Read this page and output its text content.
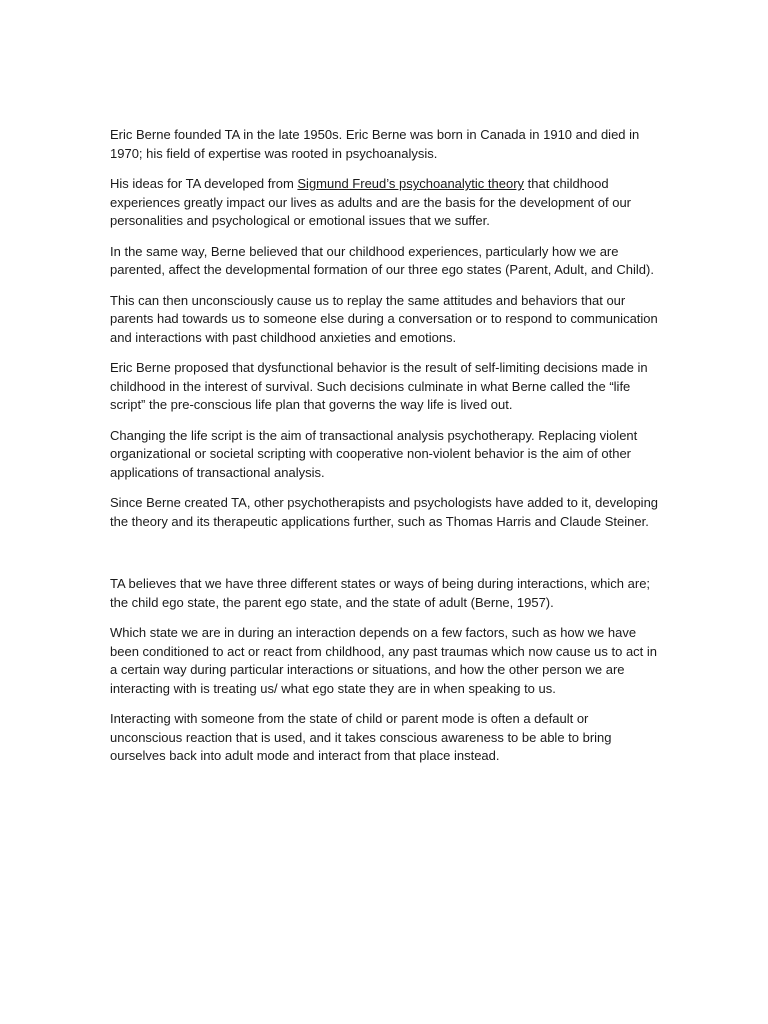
Eric Berne founded TA in the late 1950s. Eric Berne was born in Canada in 1910 and died in 1970; his field of expertise was rooted in psychoanalysis.

His ideas for TA developed from Sigmund Freud’s psychoanalytic theory that childhood experiences greatly impact our lives as adults and are the basis for the development of our personalities and psychological or emotional issues that we suffer.

In the same way, Berne believed that our childhood experiences, particularly how we are parented, affect the developmental formation of our three ego states (Parent, Adult, and Child).

This can then unconsciously cause us to replay the same attitudes and behaviors that our parents had towards us to someone else during a conversation or to respond to communication and interactions with past childhood anxieties and emotions.

Eric Berne proposed that dysfunctional behavior is the result of self-limiting decisions made in childhood in the interest of survival. Such decisions culminate in what Berne called the “life script” the pre-conscious life plan that governs the way life is lived out.

Changing the life script is the aim of transactional analysis psychotherapy. Replacing violent organizational or societal scripting with cooperative non-violent behavior is the aim of other applications of transactional analysis.

Since Berne created TA, other psychotherapists and psychologists have added to it, developing the theory and its therapeutic applications further, such as Thomas Harris and Claude Steiner.

TA believes that we have three different states or ways of being during interactions, which are; the child ego state, the parent ego state, and the state of adult (Berne, 1957).

Which state we are in during an interaction depends on a few factors, such as how we have been conditioned to act or react from childhood, any past traumas which now cause us to act in a certain way during particular interactions or situations, and how the other person we are interacting with is treating us/ what ego state they are in when speaking to us.

Interacting with someone from the state of child or parent mode is often a default or unconscious reaction that is used, and it takes conscious awareness to be able to bring ourselves back into adult mode and interact from that place instead.
